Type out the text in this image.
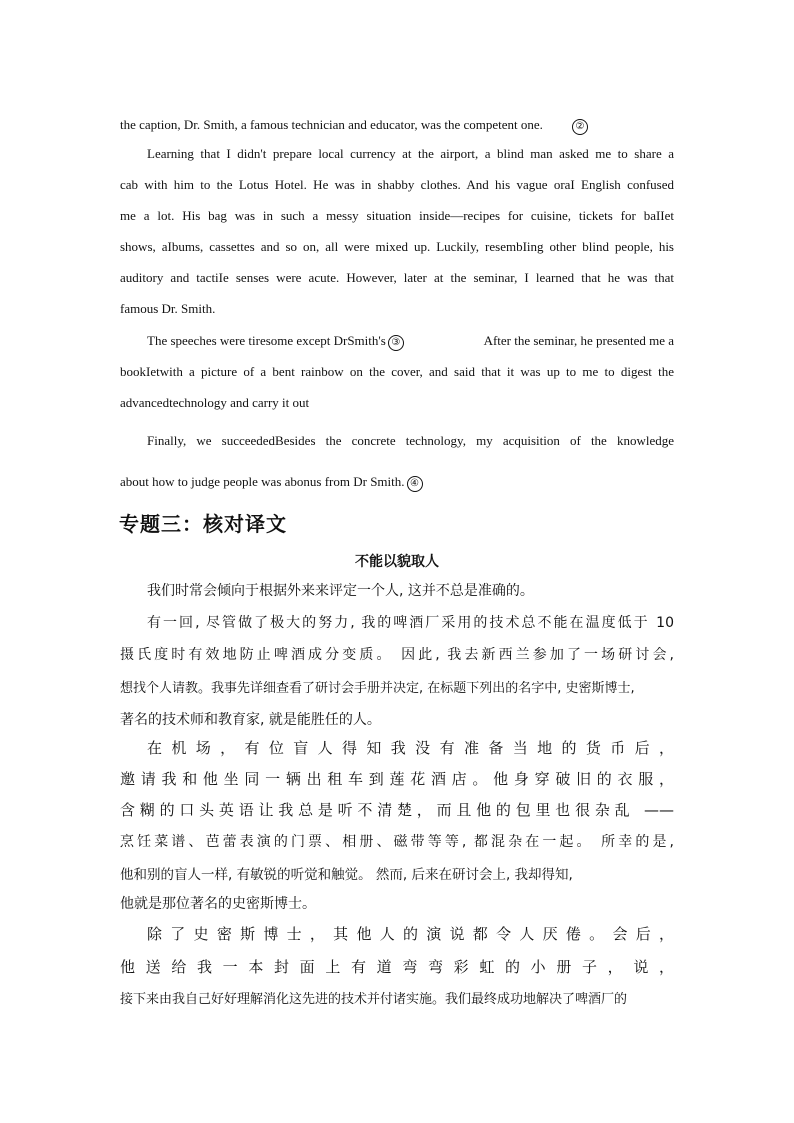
the caption, Dr. Smith, a famous technician and educator, was the competent one.	②

Learning that I didn't prepare local currency at the airport, a blind man asked me to share a

cab with him to the Lotus Hotel. He was in shabby clothes. And his vague oraI English confused

me a lot. His bag was in such a messy situation inside—recipes for cuisine, tickets for baIIet

shows, aIbums, cassettes and so on, all were mixed up. Luckily, resembIing other blind people, his

auditory and tactiIe senses were acute. However, later at the seminar, I learned that he was that

famous Dr. Smith.

The speeches were tiresome except DrSmith's ③	After the seminar, he presented me a

bookIetwith a picture of a bent rainbow on the cover, and said that it was up to me to digest the

advancedtechnology and carry it out

Finally, we succeededBesides the concrete technology, my acquisition of the knowledge

about how to judge people was abonus from Dr Smith. ④

专题三：核对译文
不能以貌取人

我们时常会倾向于根据外来来评定一个人, 这并不总是准确的。

有一回, 尽管做了极大的努力, 我的啤酒厂采用的技术总不能在温度低于 10

摄氏度时有效地防止啤酒成分变质。 因此, 我去新西兰参加了一场研讨会,

想找个人请教。我事先详细查看了研讨会手册并决定, 在标题下列出的名字中, 史密斯博士,

著名的技术师和教育家, 就是能胜任的人。

在机场，有位盲人得知我没有准备当地的货币后，

邀请我和他坐同一辆出租车到莲花酒店。他身穿破旧的衣服，

含糊的口头英语让我总是听不清楚，而且他的包里也很杂乱 ——

烹饪菜谱、芭蕾表演的门票、相册、磁带等等, 都混杂在一起。 所幸的是,

他和别的盲人一样, 有敏锐的听觉和触觉。 然而, 后来在研讨会上, 我却得知,

他就是那位著名的史密斯博士。

除了史密斯博士，其他人的演说都令人厌倦。会后，

他送给我一本封面上有道弯弯彩虹的小册子，说，

接下来由我自己好好理解消化这先进的技术并付诸实施。我们最终成功地解决了啤酒厂的
